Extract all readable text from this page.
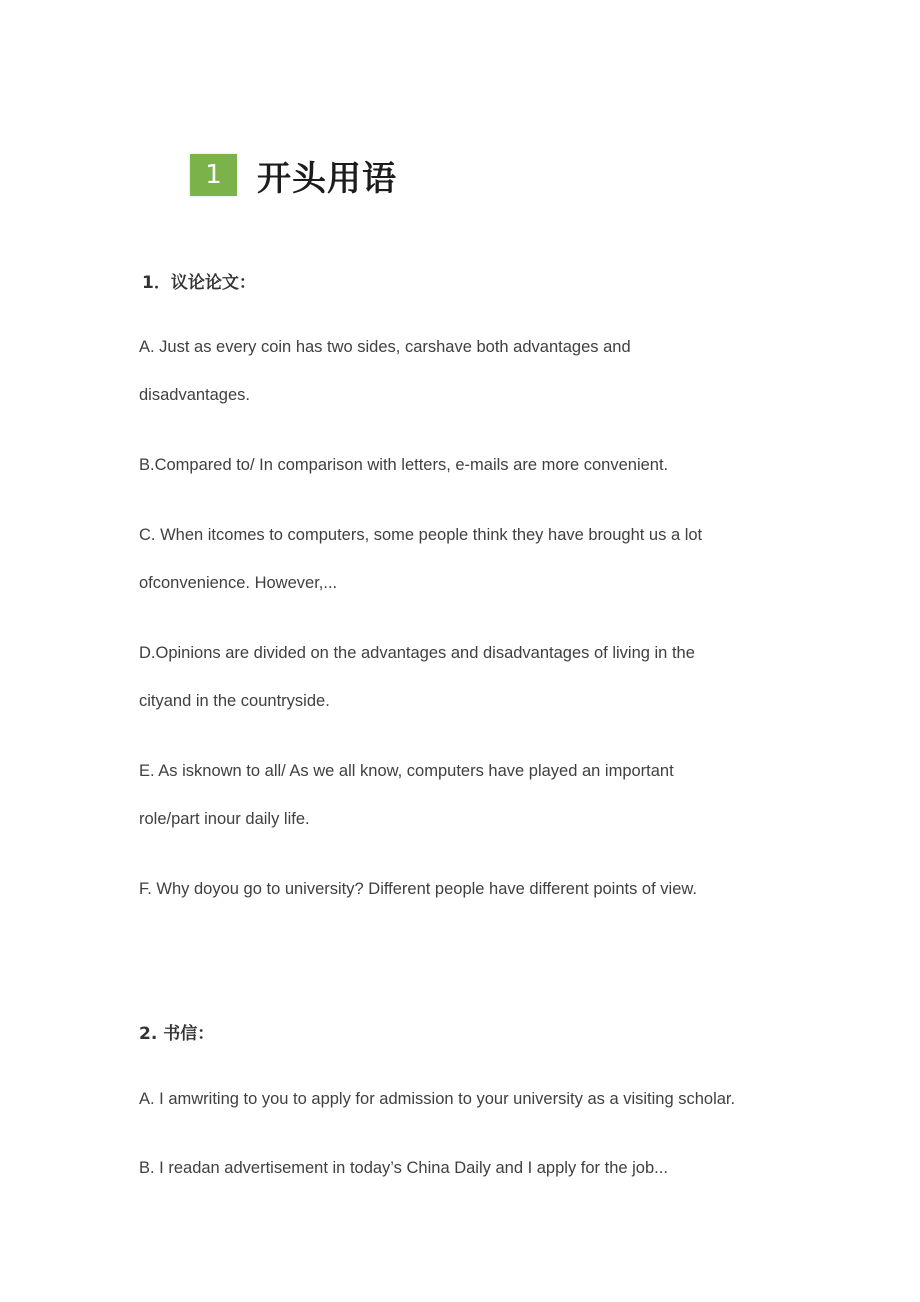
1	开头用语
1．议论论文：

A. Just as every coin has two sides, carshave both advantages and

disadvantages.

B.Compared to/ In comparison with letters, e-mails are more convenient.

C. When itcomes to computers, some people think they have brought us a lot

ofconvenience. However,...

D.Opinions are divided on the advantages and disadvantages of living in the

cityand in the countryside.

E. As isknown to all/ As we all know, computers have played an important

role/part inour daily life.

F. Why doyou go to university? Different people have different points of view.

2. 书信：

A. I amwriting to you to apply for admission to your university as a visiting scholar.

B. I readan advertisement in today’s China Daily and I apply for the job...
